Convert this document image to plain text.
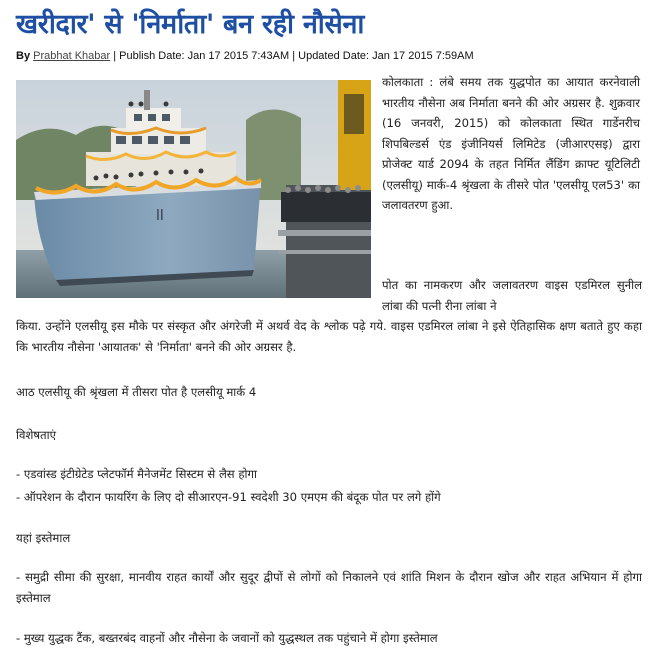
खरीदार' से 'निर्माता' बन रही नौसेना
By Prabhat Khabar | Publish Date: Jan 17 2015 7:43AM | Updated Date: Jan 17 2015 7:59AM
ll

कोलकाता : लंबे समय तक युद्धपोत का आयात करनेवाली भारतीय नौसेना अब निर्माता बनने की ओर अग्रसर है. शुक्रवार (16 जनवरी, 2015) को कोलकाता स्थित गार्डेनरीच शिपबिल्डर्स एंड इंजीनियर्स लिमिटेड (जीआरएसइ) द्वारा प्रोजेक्ट यार्ड 2094 के तहत निर्मित लैंडिंग क्राफ्ट यूटिलिटी (एलसीयू) मार्क-4 श्रृंखला के तीसरे पोत 'एलसीयू एल53' का जलावतरण हुआ.

पोत का नामकरण और जलावतरण वाइस एडमिरल सुनील लांबा की पत्नी रीना लांबा ने
किया. उन्होंने एलसीयू इस मौके पर संस्कृत और अंगरेजी में अथर्व वेद के श्लोक पढ़े गये. वाइस एडमिरल लांबा ने इसे ऐतिहासिक क्षण बताते हुए कहा कि भारतीय नौसेना 'आयातक' से 'निर्माता' बनने की ओर अग्रसर है.

आठ एलसीयू की श्रृंखला में तीसरा पोत है एलसीयू मार्क 4

विशेषताएं

- एडवांस्ड इंटीग्रेटेड प्लेटफॉर्म मैनेजमेंट सिस्टम से लैस होगा

- ऑपरेशन के दौरान फायरिंग के लिए दो सीआरएन-91 स्वदेशी 30 एमएम की बंदूक पोत पर लगे होंगे

यहां इस्तेमाल

- समुद्री सीमा की सुरक्षा, मानवीय राहत कार्यों और सुदूर द्वीपों से लोगों को निकालने एवं शांति मिशन के दौरान खोज और राहत अभियान में होगा इस्तेमाल

- मुख्य युद्धक टैंक, बख्तरबंद वाहनों और नौसेना के जवानों को युद्धस्थल तक पहुंचाने में होगा इस्तेमाल
